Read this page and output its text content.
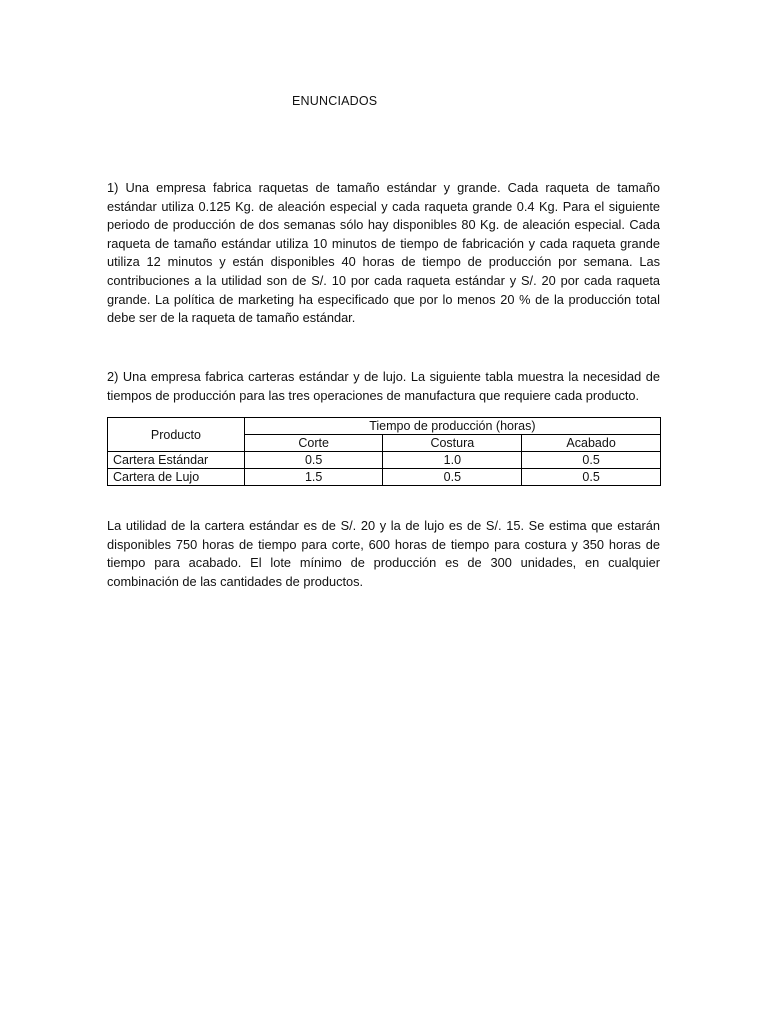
ENUNCIADOS

1) Una empresa fabrica raquetas de tamaño estándar y grande. Cada raqueta de tamaño estándar utiliza 0.125 Kg. de aleación especial y cada raqueta grande 0.4 Kg. Para el siguiente periodo de producción de dos semanas sólo hay disponibles 80 Kg. de aleación especial. Cada raqueta de tamaño estándar utiliza 10 minutos de tiempo de fabricación y cada raqueta grande utiliza 12 minutos y están disponibles 40 horas de tiempo de producción por semana. Las contribuciones a la utilidad son de S/. 10 por cada raqueta estándar y S/. 20 por cada raqueta grande. La política de marketing ha especificado que por lo menos 20 % de la producción total debe ser de la raqueta de tamaño estándar.

2) Una empresa fabrica carteras estándar y de lujo. La siguiente tabla muestra la necesidad de tiempos de producción para las tres operaciones de manufactura que requiere cada producto.

Producto	Tiempo de producción (horas)		
	Corte	Costura	Acabado
Cartera Estándar	0.5	1.0	0.5
Cartera de Lujo	1.5	0.5	0.5

La utilidad de la cartera estándar es de S/. 20 y la de lujo es de S/. 15. Se estima que estarán disponibles 750 horas de tiempo para corte, 600 horas de tiempo para costura y 350 horas de tiempo para acabado. El lote mínimo de producción es de 300 unidades, en cualquier combinación de las cantidades de productos.
